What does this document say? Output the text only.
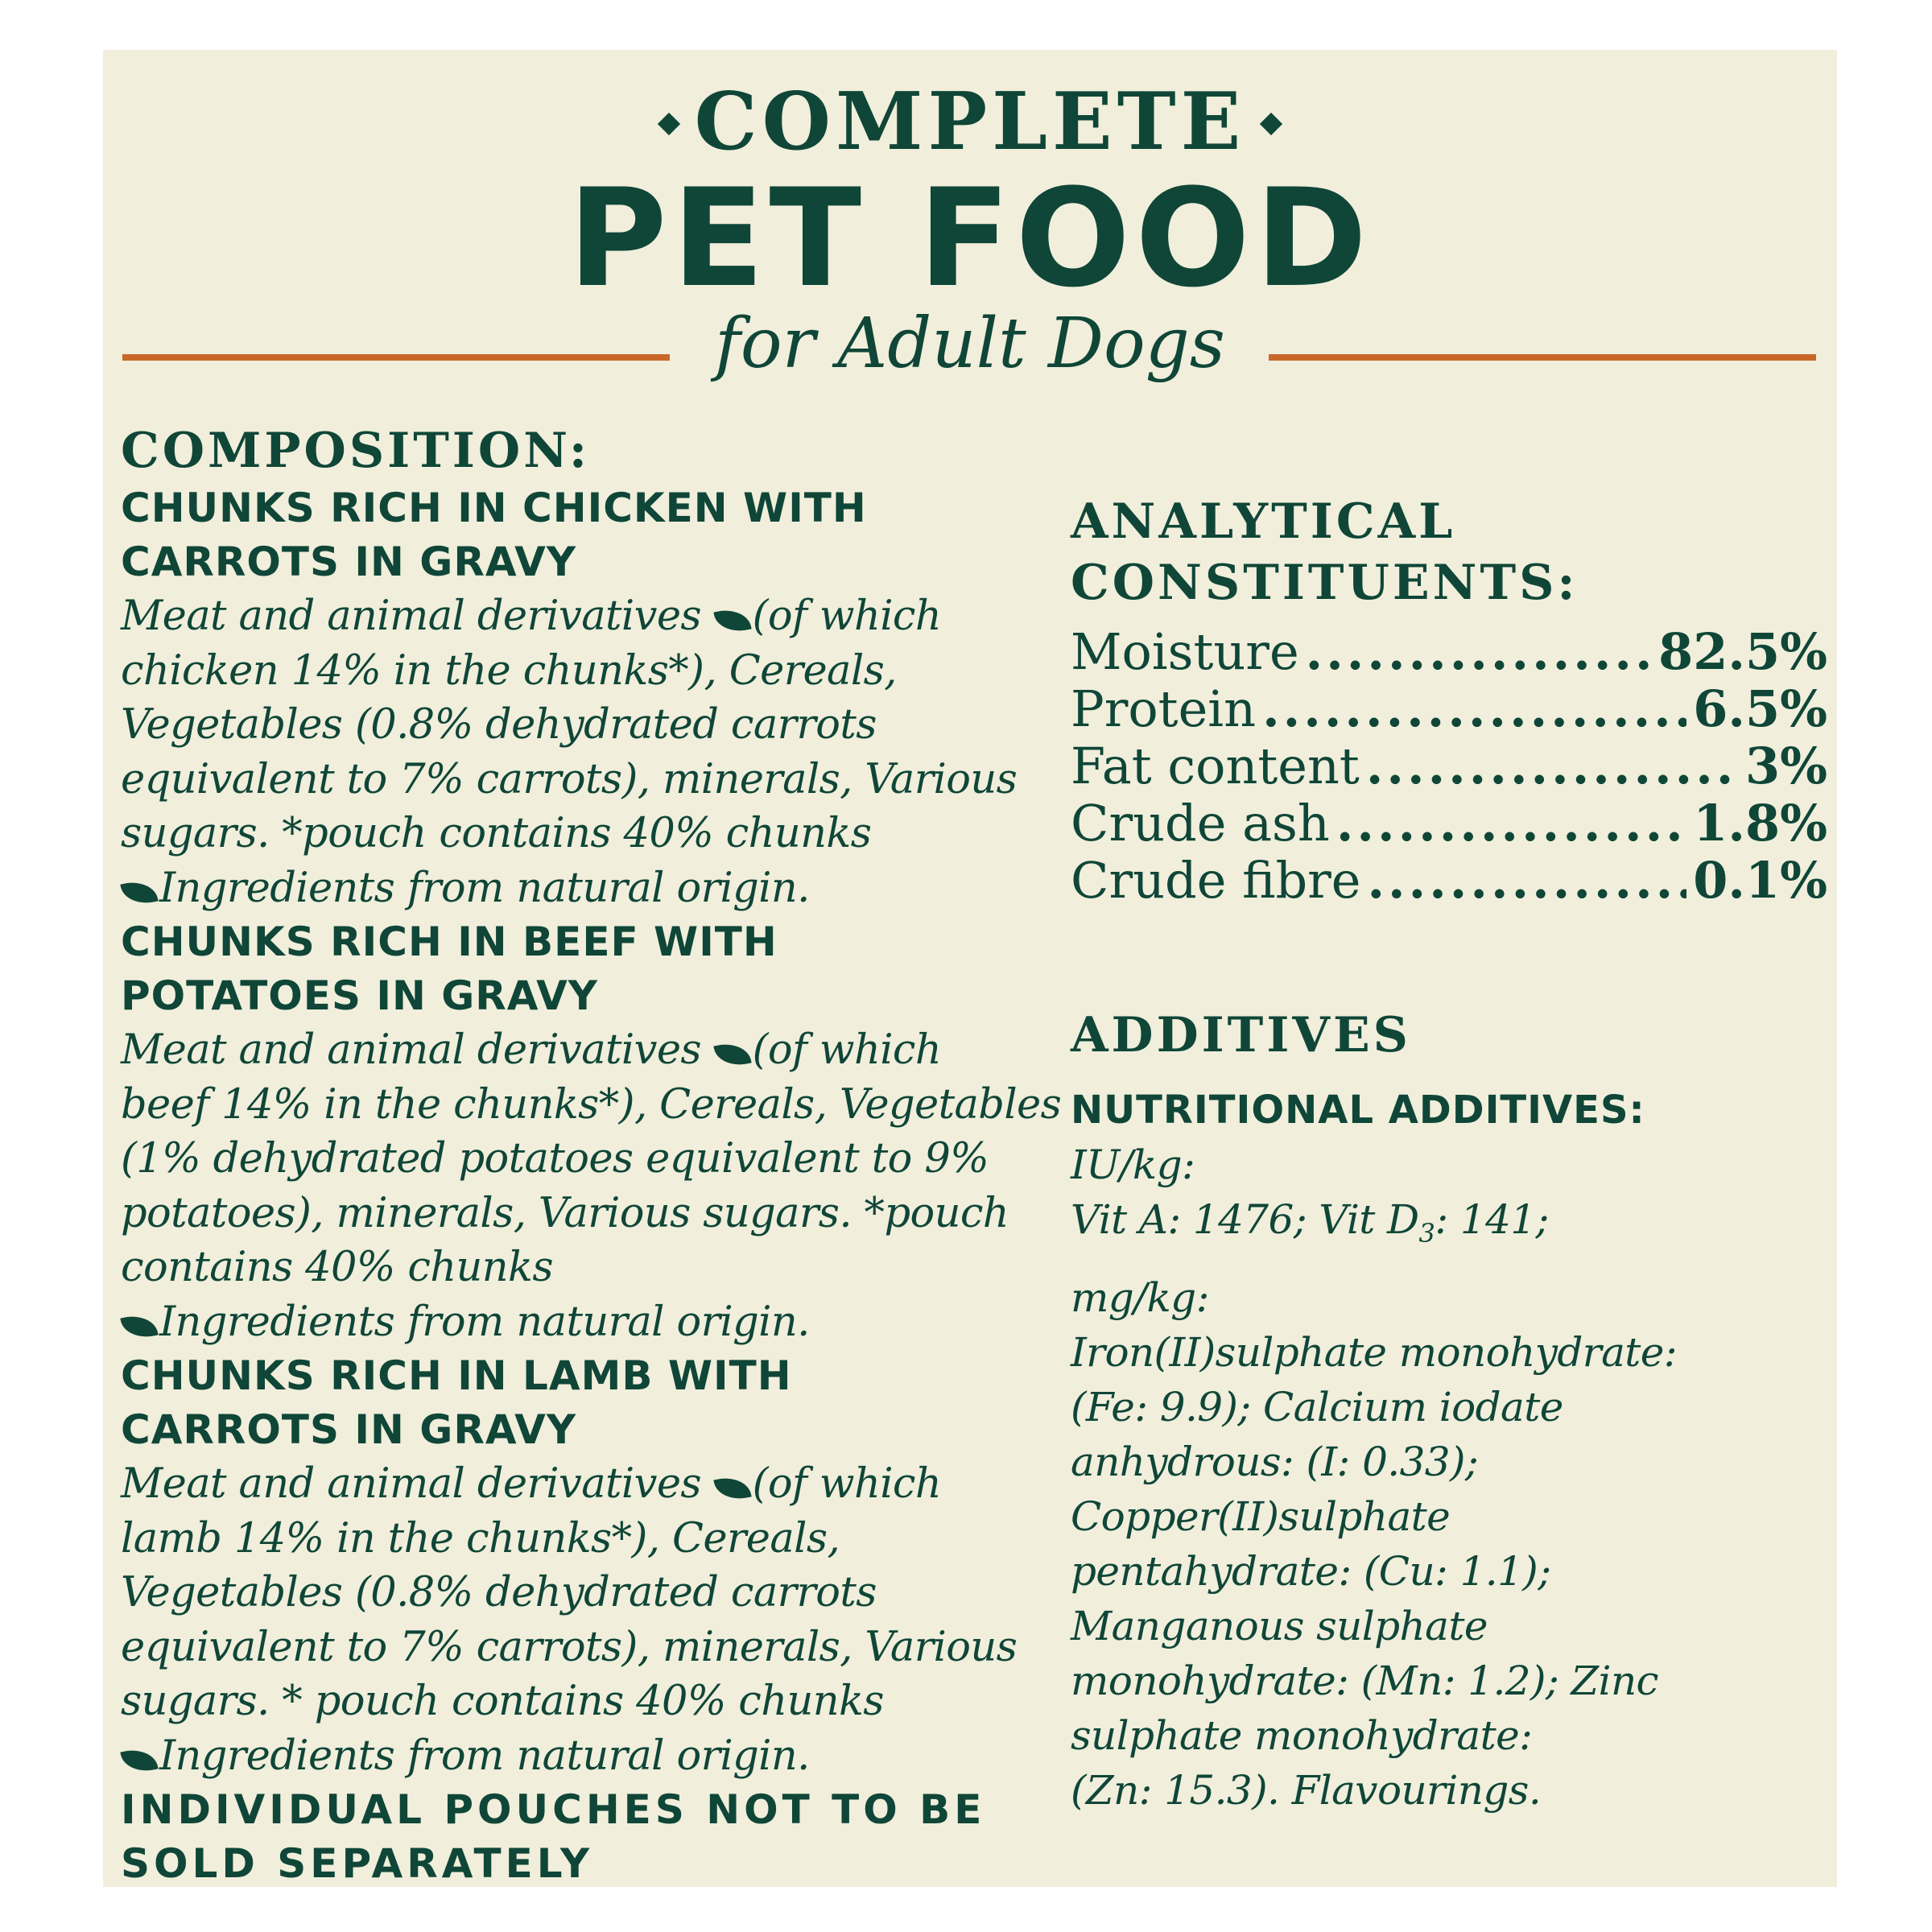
COMPLETE
PET FOOD
for Adult Dogs

COMPOSITION:

CHUNKS RICH IN CHICKEN WITH

CARROTS IN GRAVY

Meat and animal derivatives (of which

chicken 14% in the chunks*), Cereals,

Vegetables (0.8% dehydrated carrots

equivalent to 7% carrots), minerals, Various

sugars. *pouch contains 40% chunks

Ingredients from natural origin.

CHUNKS RICH IN BEEF WITH

POTATOES IN GRAVY

Meat and animal derivatives (of which

beef 14% in the chunks*), Cereals, Vegetables

(1% dehydrated potatoes equivalent to 9%

potatoes), minerals, Various sugars. *pouch

contains 40% chunks

Ingredients from natural origin.

CHUNKS RICH IN LAMB WITH

CARROTS IN GRAVY

Meat and animal derivatives (of which

lamb 14% in the chunks*), Cereals,

Vegetables (0.8% dehydrated carrots

equivalent to 7% carrots), minerals, Various

sugars. * pouch contains 40% chunks

Ingredients from natural origin.

INDIVIDUAL POUCHES NOT TO BE

SOLD SEPARATELY

ANALYTICAL

CONSTITUENTS:

Moisture .....	82.5%
Protein .....	6.5%
Fat content .....	3%
Crude ash .....	1.8%
Crude fibre .....	0.1%

ADDITIVES

NUTRITIONAL ADDITIVES:

IU/kg:

Vit A: 1476; Vit $D_3$: 141;

mg/kg:

Iron(II)sulphate monohydrate:

(Fe: 9.9); Calcium iodate

anhydrous: (I: 0.33);

Copper(II)sulphate

pentahydrate: (Cu: 1.1);

Manganous sulphate

monohydrate: (Mn: 1.2); Zinc

sulphate monohydrate:

(Zn: 15.3). Flavourings.
